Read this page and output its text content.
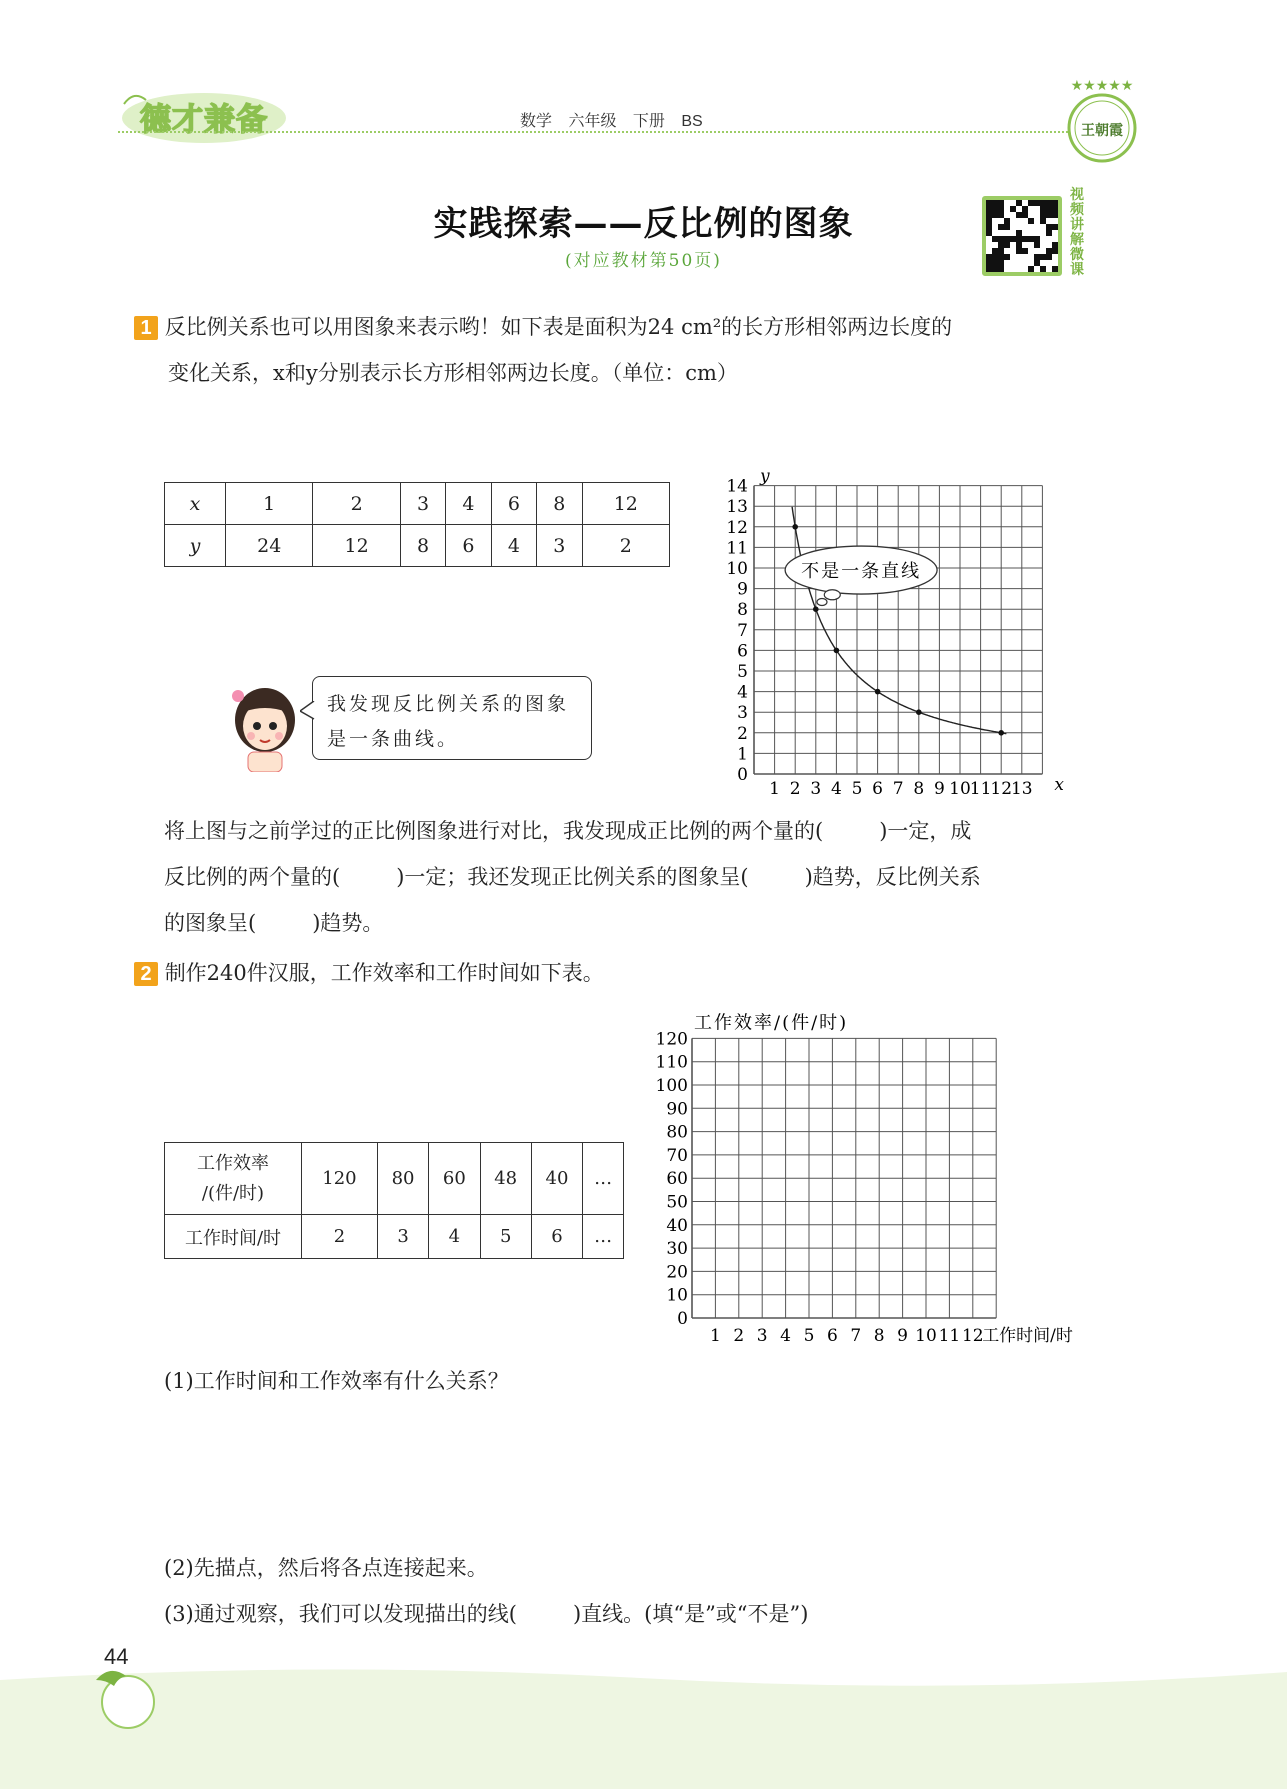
德才兼备	数学 六年级 下册 BS
★★★★★
王朝霞
实践探索——反比例的图象
(对应教材第50页)
视频讲解微课
1 反比例关系也可以用图象来表示哟！如下表是面积为24 cm²的长方形相邻两边长度的
变化关系，x和y分别表示长方形相邻两边长度。（单位：cm）
x	1	2	3	4	6	8	12
y	24	12	8	6	4	3	2
我发现反比例关系的图象是一条曲线。
0
1
2
3
4
5
6
7
8
9
10
11
12
13
14
1 2 3 4 5 6 7 8 9 10
11
12
13 x
y
不是一条直线
将上图与之前学过的正比例图象进行对比，我发现成正比例的两个量的(	)一定，成
反比例的两个量的(	)一定；我还发现正比例关系的图象呈(	)趋势，反比例关系
的图象呈(	)趋势。
2 制作240件汉服，工作效率和工作时间如下表。
工作效率
/(件/时)	120	80	60	48	40	…
工作时间/时	2	3	4	5	6	…
0
10
20
30
40
50
60
70
80
90
100
110
120
1 2 3 4 5 6 7 8 9 10 11 12
工作时间/时
工作效率/(件/时)
(1)工作时间和工作效率有什么关系？
(2)先描点，然后将各点连接起来。
(3)通过观察，我们可以发现描出的线(	)直线。(填“是”或“不是”)
44
